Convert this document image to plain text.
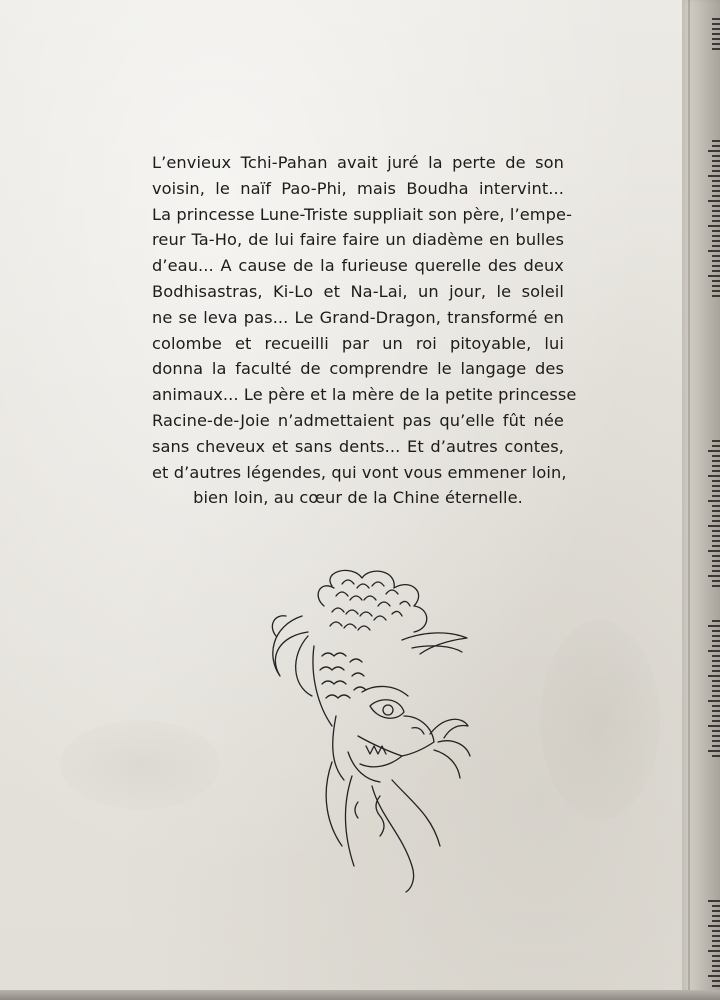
L’envieux Tchi-Pahan avait juré la perte de son
voisin, le naïf Pao-Phi, mais Boudha intervint...
La princesse Lune-Triste suppliait son père, l’empe-
reur Ta-Ho, de lui faire faire un diadème en bulles
d’eau... A cause de la furieuse querelle des deux
Bodhisastras, Ki-Lo et Na-Lai, un jour, le soleil
ne se leva pas... Le Grand-Dragon, transformé en
colombe et recueilli par un roi pitoyable, lui
donna la faculté de comprendre le langage des
animaux... Le père et la mère de la petite princesse
Racine-de-Joie n’admettaient pas qu’elle fût née
sans cheveux et sans dents... Et d’autres contes,
et d’autres légendes, qui vont vous emmener loin,
bien loin, au cœur de la Chine éternelle.
